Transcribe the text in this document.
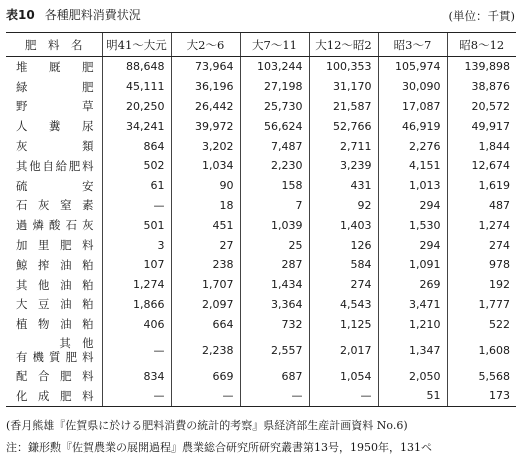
表10 各種肥料消費状況	(単位：千貫)
肥　料　名	明41～大元	大2～6	大7～11	大12～昭2	昭3～7	昭8～12
堆厩肥	88,648	73,964	103,244	100,353	105,974	139,898
緑肥	45,111	36,196	27,198	31,170	30,090	38,876
野草	20,250	26,442	25,730	21,587	17,087	20,572
人糞尿	34,241	39,972	56,624	52,766	46,919	49,917
灰類	864	3,202	7,487	2,711	2,276	1,844
其他自給肥料	502	1,034	2,230	3,239	4,151	12,674
硫安	61	90	158	431	1,013	1,619
石灰窒素	—	18	7	92	294	487
過燐酸石灰	501	451	1,039	1,403	1,530	1,274
加里肥料	3	27	25	126	294	274
鯨搾油粕	107	238	287	584	1,091	978
其他油粕	1,274	1,707	1,434	274	269	192
大豆油粕	1,866	2,097	3,364	4,543	3,471	1,777
植物油粕	406	664	732	1,125	1,210	522

其　他
有機質肥料	—	2,238	2,557	2,017	1,347	1,608
配合肥料	834	669	687	1,054	2,050	5,568
化成肥料	—	—	—	—	51	173
(香月熊雄『佐賀県に於ける肥料消費の統計的考察』県経済部生産計画資料 No.6)
注：鎌形勲『佐賀農業の展開過程』農業総合研究所研究叢書第13号，1950年，131ペ
